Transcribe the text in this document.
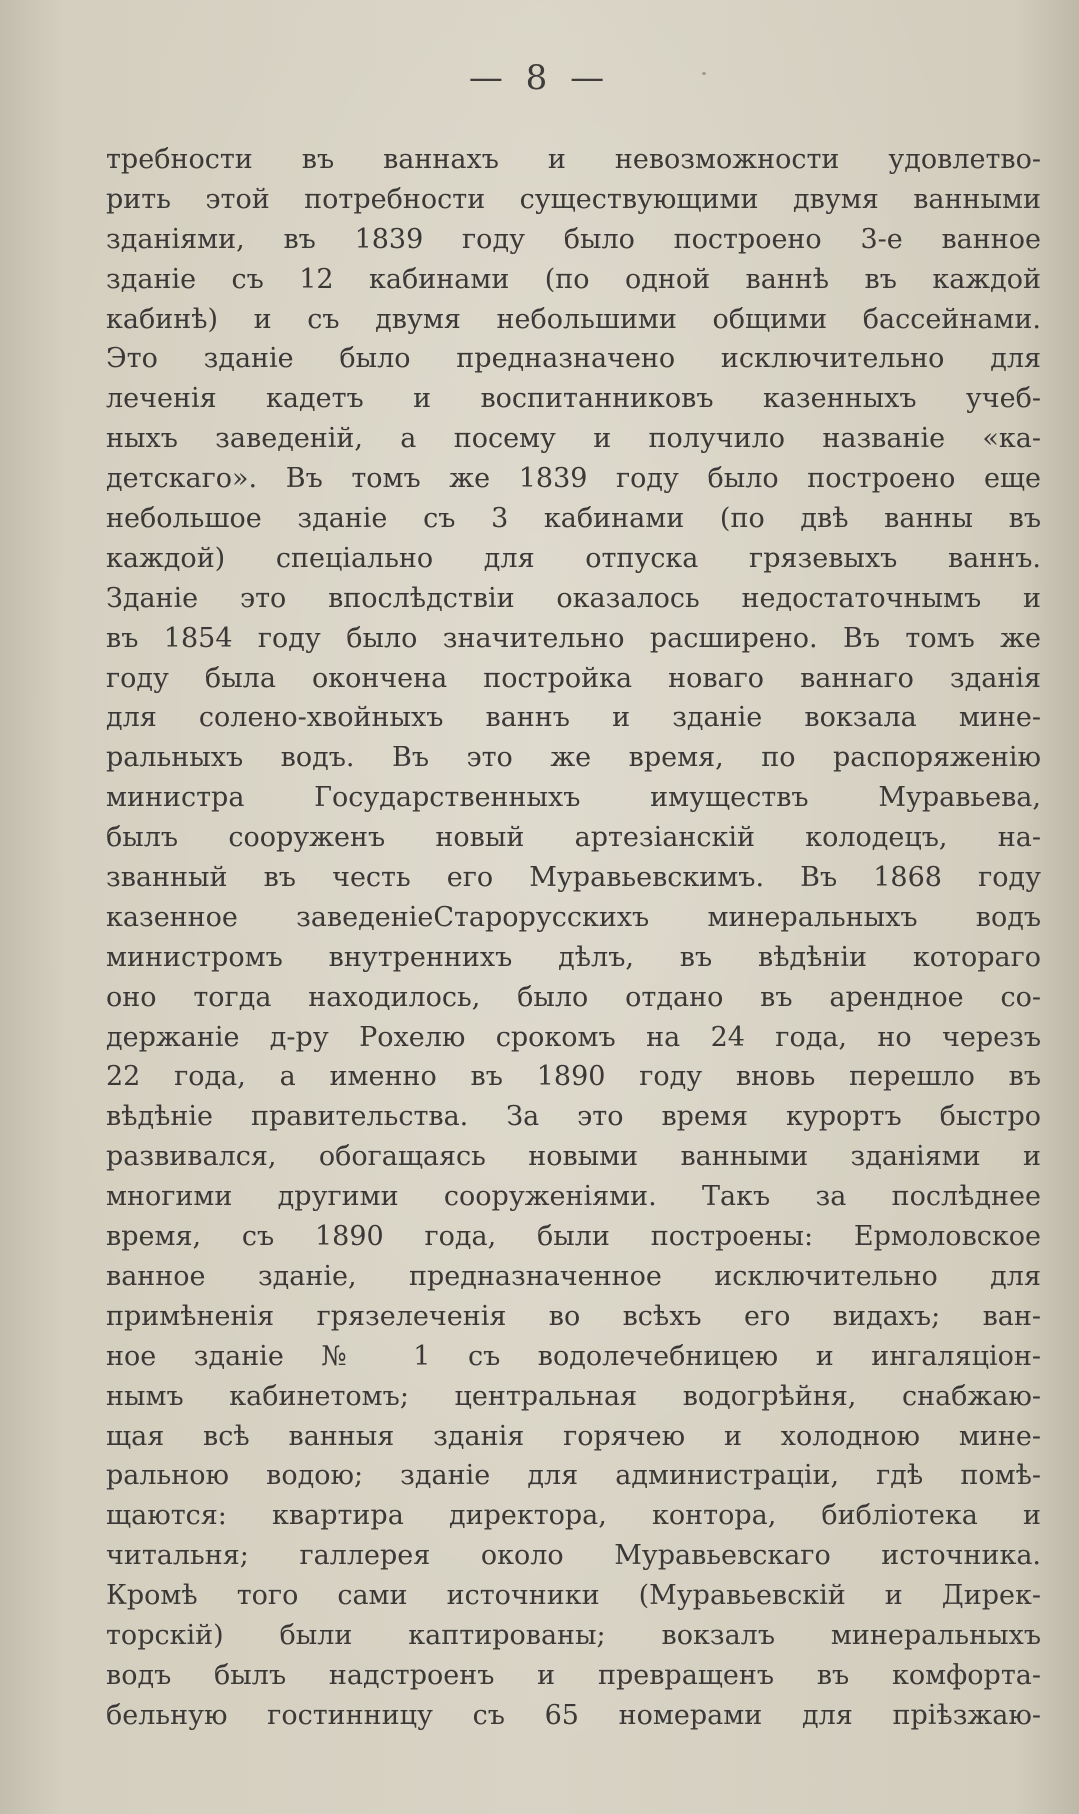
— 8 —
требности въ ваннахъ и невозможности удовлетво-
рить этой потребности существующими двумя ванными
зданіями, въ 1839 году было построено 3-е ванное
зданіе съ 12 кабинами (по одной ваннѣ въ каждой
кабинѣ) и съ двумя небольшими общими бассейнами.
Это зданіе было предназначено исключительно для
леченія кадетъ и воспитанниковъ казенныхъ учеб-
ныхъ заведеній, а посему и получило названіе «ка-
детскаго». Въ томъ же 1839 году было построено еще
небольшое зданіе съ 3 кабинами (по двѣ ванны въ
каждой) спеціально для отпуска грязевыхъ ваннъ.
Зданіе это впослѣдствіи оказалось недостаточнымъ и
въ 1854 году было значительно расширено. Въ томъ же
году была окончена постройка новаго ваннаго зданія
для солено-хвойныхъ ваннъ и зданіе вокзала мине-
ральныхъ водъ. Въ это же время, по распоряженію
министра Государственныхъ имуществъ Муравьева,
былъ сооруженъ новый артезіанскій колодецъ, на-
званный въ честь его Муравьевскимъ. Въ 1868 году
казенное заведеніеСтарорусскихъ минеральныхъ водъ
министромъ внутреннихъ дѣлъ, въ вѣдѣніи котораго
оно тогда находилось, было отдано въ арендное со-
держаніе д-ру Рохелю срокомъ на 24 года, но черезъ
22 года, а именно въ 1890 году вновь перешло въ
вѣдѣніе правительства. За это время курортъ быстро
развивался, обогащаясь новыми ванными зданіями и
многими другими сооруженіями. Такъ за послѣднее
время, съ 1890 года, были построены: Ермоловское
ванное зданіе, предназначенное исключительно для
примѣненія грязелеченія во всѣхъ его видахъ; ван-
ное зданіе № 1 съ водолечебницею и ингаляціон-
нымъ кабинетомъ; центральная водогрѣйня, снабжаю-
щая всѣ ванныя зданія горячею и холодною мине-
ральною водою; зданіе для администраціи, гдѣ помѣ-
щаются: квартира директора, контора, библіотека и
читальня; галлерея около Муравьевскаго источника.
Кромѣ того сами источники (Муравьевскій и Дирек-
торскій) были каптированы; вокзалъ минеральныхъ
водъ былъ надстроенъ и превращенъ въ комфорта-
бельную гостинницу съ 65 номерами для пріѣзжаю-
